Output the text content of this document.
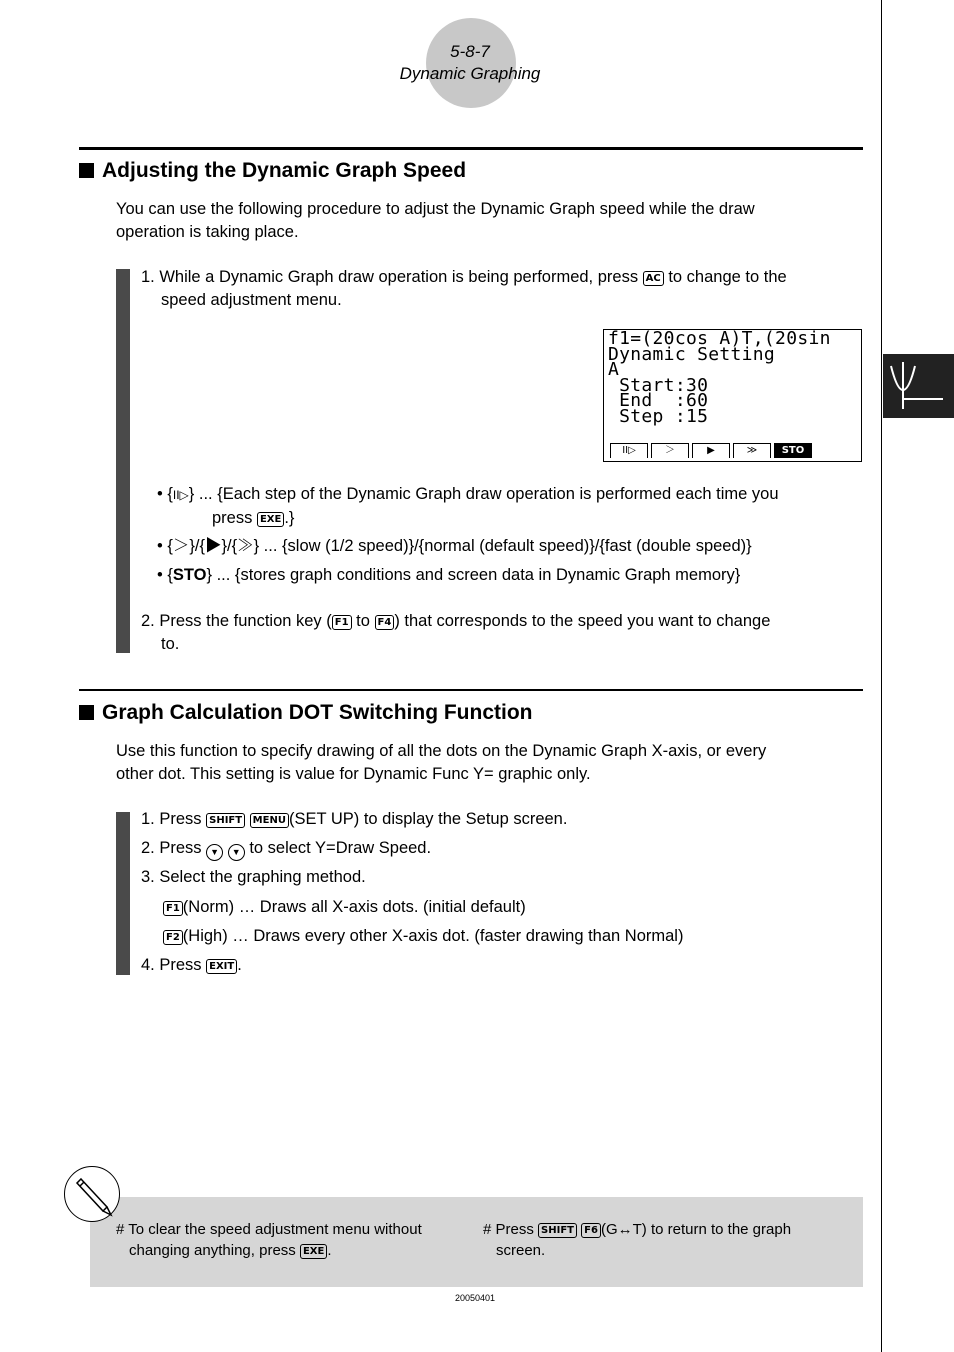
5-8-7
Dynamic Graphing
Adjusting the Dynamic Graph Speed
You can use the following procedure to adjust the Dynamic Graph speed while the draw
operation is taking place.
1. While a Dynamic Graph draw operation is being performed, press AC to change to the
speed adjustment menu.
f1=(20cos A)T,(20sin
Dynamic Setting
A
Start:30
End  :60
Step :15
II▷	＞	▶	≫	STO
• {II▷} ... {Each step of the Dynamic Graph draw operation is performed each time you
press EXE .}
• {＞}/{▶}/{≫} ... {slow (1/2 speed)}/{normal (default speed)}/{fast (double speed)}
• {STO} ... {stores graph conditions and screen data in Dynamic Graph memory}
2. Press the function key ( F1 to F4 ) that corresponds to the speed you want to change
to.
Graph Calculation DOT Switching Function
Use this function to specify drawing of all the dots on the Dynamic Graph X-axis, or every
other dot. This setting is value for Dynamic Func Y= graphic only.
1. Press SHIFT MENU (SET UP) to display the Setup screen.
2. Press ▼ ▼ to select Y=Draw Speed.
3. Select the graphing method.
F1 (Norm) … Draws all X-axis dots. (initial default)
F2 (High) … Draws every other X-axis dot. (faster drawing than Normal)
4. Press EXIT .
# To clear the speed adjustment menu without
changing anything, press EXE .
# Press SHIFT F6 (G↔T) to return to the graph
screen.
20050401
